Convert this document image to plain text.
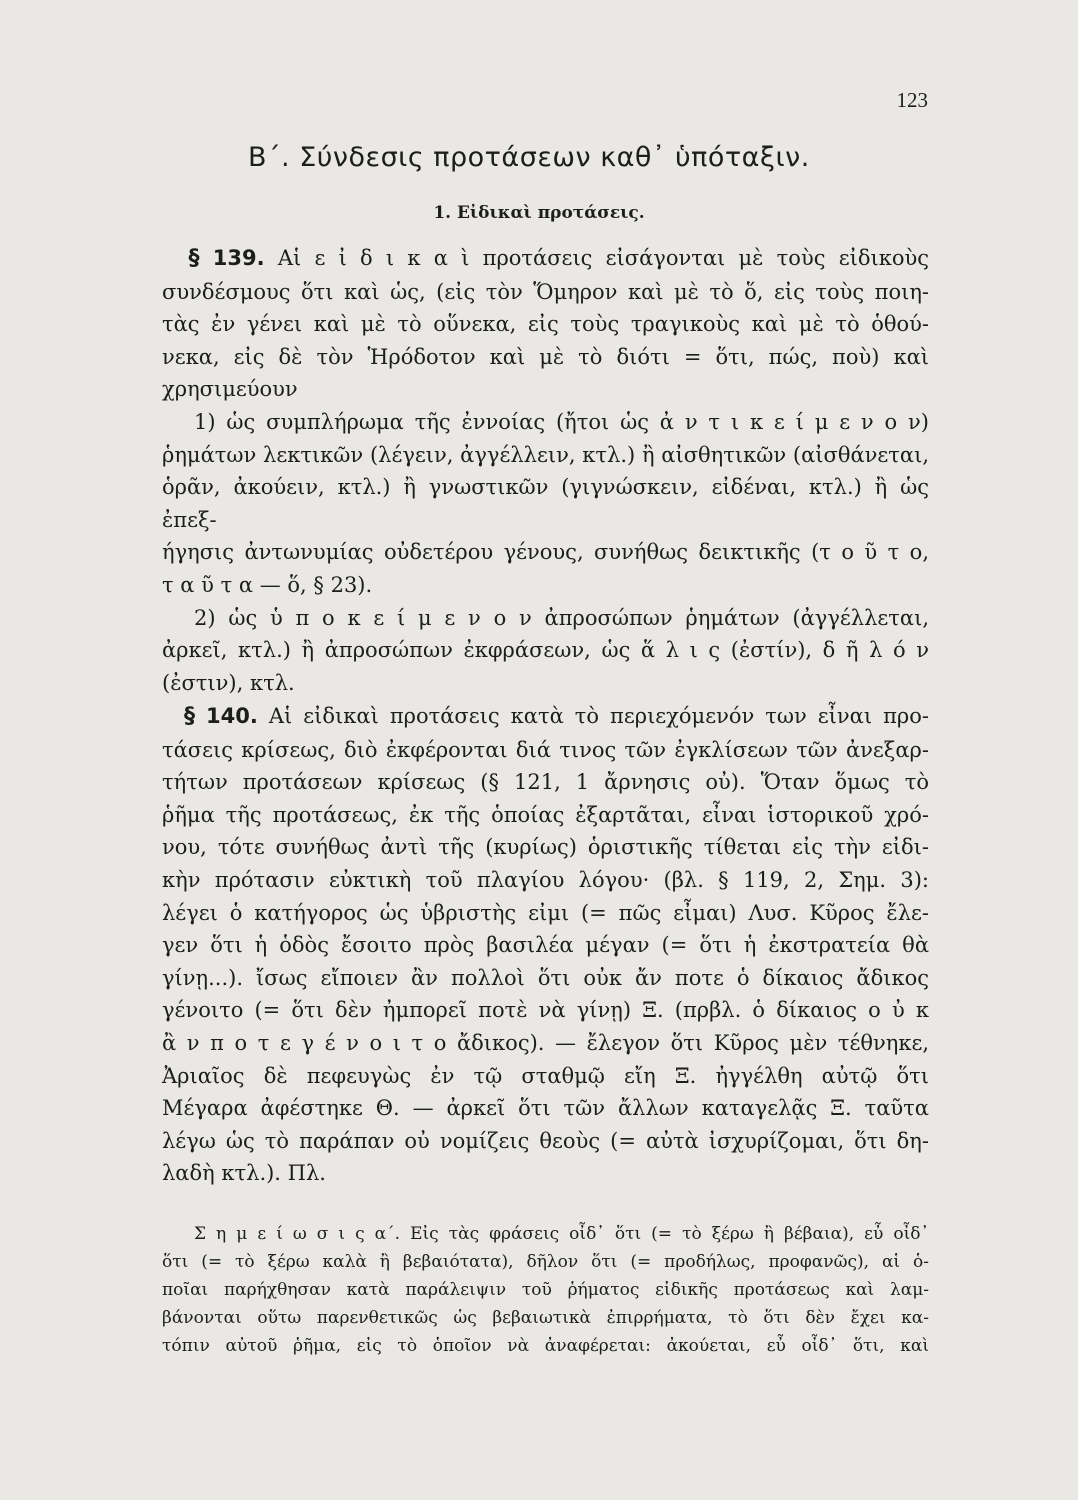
123
Β΄. Σύνδεσις προτάσεων καθ᾽ ὑπόταξιν.
1. Εἰδικαὶ προτάσεις.
§ 139. Αἱ ε ἰ δ ι κ α ὶ προτάσεις εἰσάγονται μὲ τοὺς εἰδικοὺς
συνδέσμους ὅτι καὶ ὡς, (εἰς τὸν Ὅμηρον καὶ μὲ τὸ ὅ, εἰς τοὺς ποιη-
τὰς ἐν γένει καὶ μὲ τὸ οὕνεκα, εἰς τοὺς τραγικοὺς καὶ μὲ τὸ ὁθού-
νεκα, εἰς δὲ τὸν Ἡρόδοτον καὶ μὲ τὸ διότι = ὅτι, πώς, ποὺ) καὶ
χρησιμεύουν
1) ὡς συμπλήρωμα τῆς ἐννοίας (ἤτοι ὡς ἀ ν τ ι κ ε ί μ ε ν ο ν)
ῥημάτων λεκτικῶν (λέγειν, ἀγγέλλειν, κτλ.) ἢ αἰσθητικῶν (αἰσθάνεται,
ὁρᾶν, ἀκούειν, κτλ.) ἢ γνωστικῶν (γιγνώσκειν, εἰδέναι, κτλ.) ἢ ὡς ἐπεξ-
ήγησις ἀντωνυμίας οὐδετέρου γένους, συνήθως δεικτικῆς (τ ο ῦ τ ο,
τ α ῦ τ α — ὅ, § 23).
2) ὡς ὑ π ο κ ε ί μ ε ν ο ν ἀπροσώπων ῥημάτων (ἀγγέλλεται,
ἀρκεῖ, κτλ.) ἢ ἀπροσώπων ἐκφράσεων, ὡς ἅ λ ι ς (ἐστίν), δ ῆ λ ό ν
(ἐστιν), κτλ.
§ 140. Αἱ εἰδικαὶ προτάσεις κατὰ τὸ περιεχόμενόν των εἶναι προ-
τάσεις κρίσεως, διὸ ἐκφέρονται διά τινος τῶν ἐγκλίσεων τῶν ἀνεξαρ-
τήτων προτάσεων κρίσεως (§ 121, 1 ἄρνησις οὐ). Ὅταν ὅμως τὸ
ῥῆμα τῆς προτάσεως, ἐκ τῆς ὁποίας ἐξαρτᾶται, εἶναι ἱστορικοῦ χρό-
νου, τότε συνήθως ἀντὶ τῆς (κυρίως) ὁριστικῆς τίθεται εἰς τὴν εἰδι-
κὴν πρότασιν εὐκτικὴ τοῦ πλαγίου λόγου· (βλ. § 119, 2, Σημ. 3):
λέγει ὁ κατήγορος ὡς ὑβριστὴς εἰμι (= πῶς εἶμαι) Λυσ. Κῦρος ἔλε-
γεν ὅτι ἡ ὁδὸς ἔσοιτο πρὸς βασιλέα μέγαν (= ὅτι ἡ ἐκστρατεία θὰ
γίνῃ...). ἴσως εἴποιεν ἂν πολλοὶ ὅτι οὐκ ἄν ποτε ὁ δίκαιος ἄδικος
γένοιτο (= ὅτι δὲν ἠμπορεῖ ποτὲ νὰ γίνῃ) Ξ. (πρβλ. ὁ δίκαιος ο ὐ κ
ἂ ν π ο τ ε γ έ ν ο ι τ ο ἄδικος). — ἔλεγον ὅτι Κῦρος μὲν τέθνηκε,
Ἀριαῖος δὲ πεφευγὼς ἐν τῷ σταθμῷ εἴη Ξ. ἠγγέλθη αὐτῷ ὅτι
Μέγαρα ἀφέστηκε Θ. — ἀρκεῖ ὅτι τῶν ἄλλων καταγελᾷς Ξ. ταῦτα
λέγω ὡς τὸ παράπαν οὐ νομίζεις θεοὺς (= αὐτὰ ἰσχυρίζομαι, ὅτι δη-
λαδὴ κτλ.). Πλ.
Σ η μ ε ί ω σ ι ς α΄. Εἰς τὰς φράσεις οἶδ᾽ ὅτι (= τὸ ξέρω ἢ βέβαια), εὖ οἶδ᾽
ὅτι (= τὸ ξέρω καλὰ ἢ βεβαιότατα), δῆλον ὅτι (= προδήλως, προφανῶς), αἱ ὁ-
ποῖαι παρήχθησαν κατὰ παράλειψιν τοῦ ῥήματος εἰδικῆς προτάσεως καὶ λαμ-
βάνονται οὕτω παρενθετικῶς ὡς βεβαιωτικὰ ἐπιρρήματα, τὸ ὅτι δὲν ἔχει κα-
τόπιν αὐτοῦ ῥῆμα, εἰς τὸ ὁποῖον νὰ ἀναφέρεται: ἀκούεται, εὖ οἶδ᾽ ὅτι, καὶ
